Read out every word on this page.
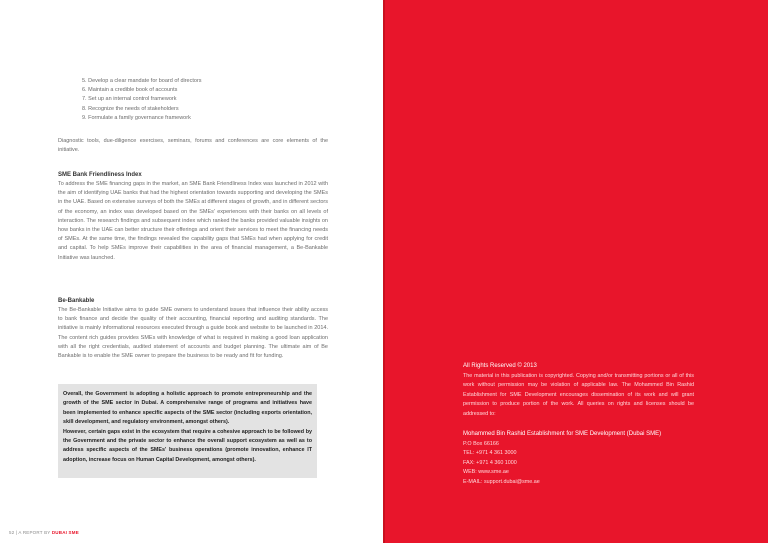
5. Develop a clear mandate for board of directors
6. Maintain a credible book of accounts
7. Set up an internal control framework
8. Recognize the needs of stakeholders
9. Formulate a family governance framework

Diagnostic tools, due-diligence exercises, seminars, forums and conferences are core elements of the initiative.

SME Bank Friendliness Index

To address the SME financing gaps in the market, an SME Bank Friendliness Index was launched in 2012 with the aim of identifying UAE banks that had the highest orientation towards supporting and developing the SMEs in the UAE. Based on extensive surveys of both the SMEs at different stages of growth, and in different sectors of the economy, an index was developed based on the SMEs' experiences with their banks on all levels of interaction. The research findings and subsequent index which ranked the banks provided valuable insights on how banks in the UAE can better structure their offerings and orient their services to meet the financing needs of SMEs. At the same time, the findings revealed the capability gaps that SMEs had when applying for credit and capital. To help SMEs improve their capabilities in the area of financial management, a Be-Bankable Initiative was launched.

Be-Bankable

The Be-Bankable Initiative aims to guide SME owners to understand issues that influence their ability access to bank finance and decide the quality of their accounting, financial reporting and auditing standards. The initiative is mainly informational resources executed through a guide book and website to be launched in 2014. The content rich guides provides SMEs with knowledge of what is required in making a good loan application with all the right credentials, audited statement of accounts and budget planning. The ultimate aim of Be Bankable is to enable the SME owner to prepare the business to be ready and fit for funding.

Overall, the Government is adopting a holistic approach to promote entrepreneurship and the growth of the SME sector in Dubai. A comprehensive range of programs and initiatives have been implemented to enhance specific aspects of the SME sector (including exports orientation, skill development, and regulatory environment, amongst others).

However, certain gaps exist in the ecosystem that require a cohesive approach to be followed by the Government and the private sector to enhance the overall support ecosystem as well as to address specific aspects of the SMEs' business operations (promote innovation, enhance IT adoption, increase focus on Human Capital Development, amongst others).

52 | A REPORT BY DUBAI SME

All Rights Reserved © 2013

The material in this publication is copyrighted. Copying and/or transmitting portions or all of this work without permission may be violation of applicable law. The Mohammed Bin Rashid Establishment for SME Development encourages dissemination of its work and will grant permission to produce portion of the work. All queries on rights and licenses should be addressed to:

Mohammed Bin Rashid Establishment for SME Development (Dubai SME)

P.O Box 66166

TEL: +971 4 361 3000

FAX: +971 4 360 1000

WEB: www.sme.ae

E-MAIL: support.dubai@sme.ae
